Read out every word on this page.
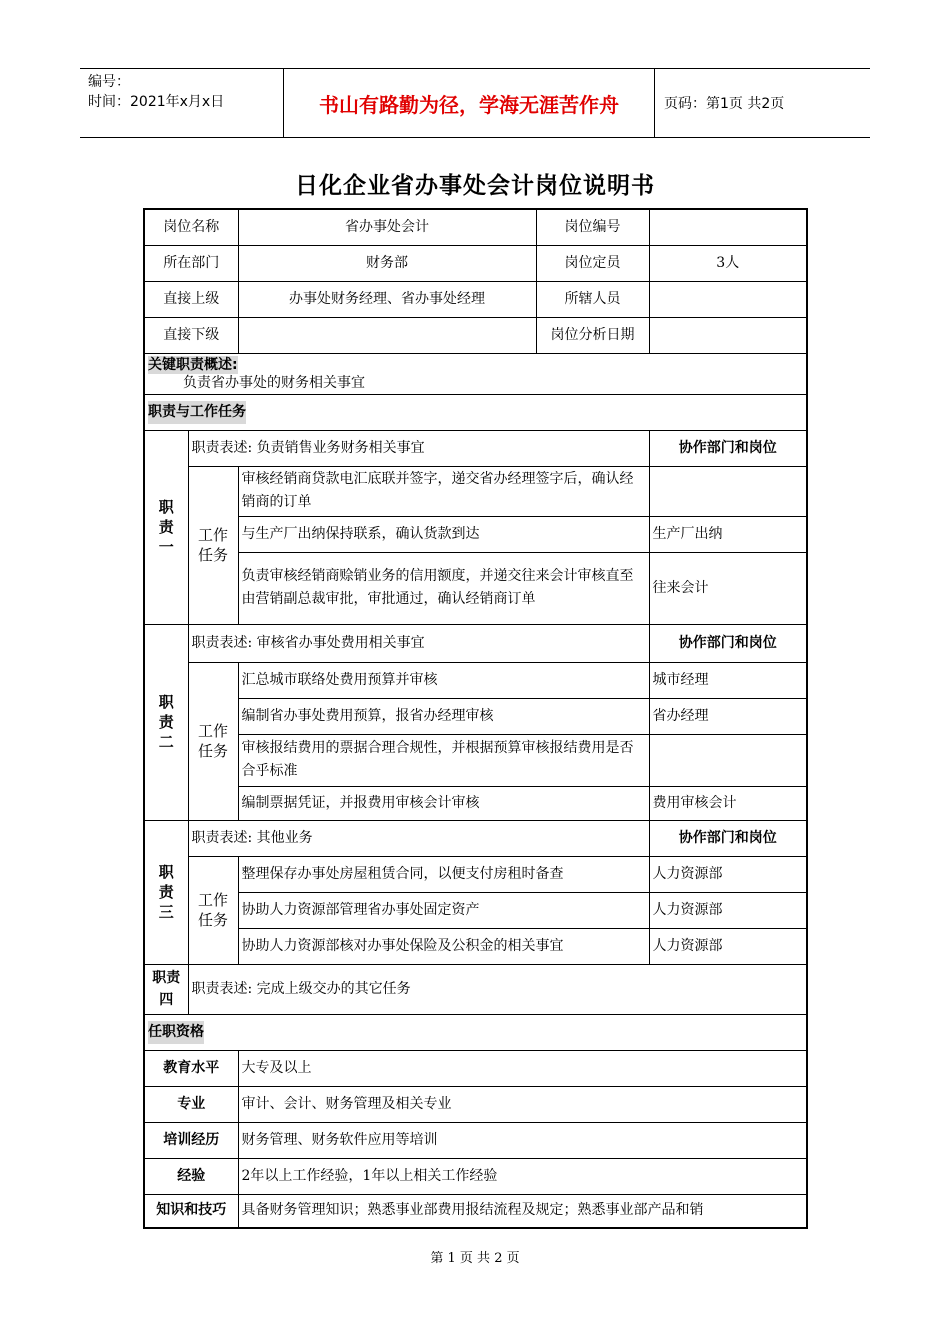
编号：
时间：2021年x月x日	书山有路勤为径，学海无涯苦作舟	页码：第1页 共2页
日化企业省办事处会计岗位说明书
岗位名称		省办事处会计	岗位编号	
所在部门		财务部	岗位定员	3人
直接上级		办事处财务经理、省办事处经理	所辖人员	
直接下级			岗位分析日期	

关键职责概述:
负责省办事处的财务相关事宜				

职责与工作任务				

职责一	职责表述: 负责销售业务财务相关事宜			协作部门和岗位

	工作任务	审核经销商贷款电汇底联并签字，递交省办经理签字后，确认经销商的订单		
		与生产厂出纳保持联系，确认货款到达		生产厂出纳
		负责审核经销商赊销业务的信用额度，并递交往来会计审核直至由营销副总裁审批，审批通过，确认经销商订单		往来会计

职责二	职责表述: 审核省办事处费用相关事宜			协作部门和岗位

	工作任务	汇总城市联络处费用预算并审核		城市经理
		编制省办事处费用预算，报省办经理审核		省办经理
		审核报结费用的票据合理合规性，并根据预算审核报结费用是否合乎标准		
		编制票据凭证，并报费用审核会计审核		费用审核会计

职责三	职责表述: 其他业务			协作部门和岗位

	工作任务	整理保存办事处房屋租赁合同，以便支付房租时备查		人力资源部
		协助人力资源部管理省办事处固定资产		人力资源部
		协助人力资源部核对办事处保险及公积金的相关事宜		人力资源部

职责
四	职责表述: 完成上级交办的其它任务			
任职资格				
教育水平		大专及以上		
专业		审计、会计、财务管理及相关专业		
培训经历		财务管理、财务软件应用等培训		
经验		2年以上工作经验，1年以上相关工作经验		
知识和技巧		具备财务管理知识；熟悉事业部费用报结流程及规定；熟悉事业部产品和销		
第 1 页 共 2 页
